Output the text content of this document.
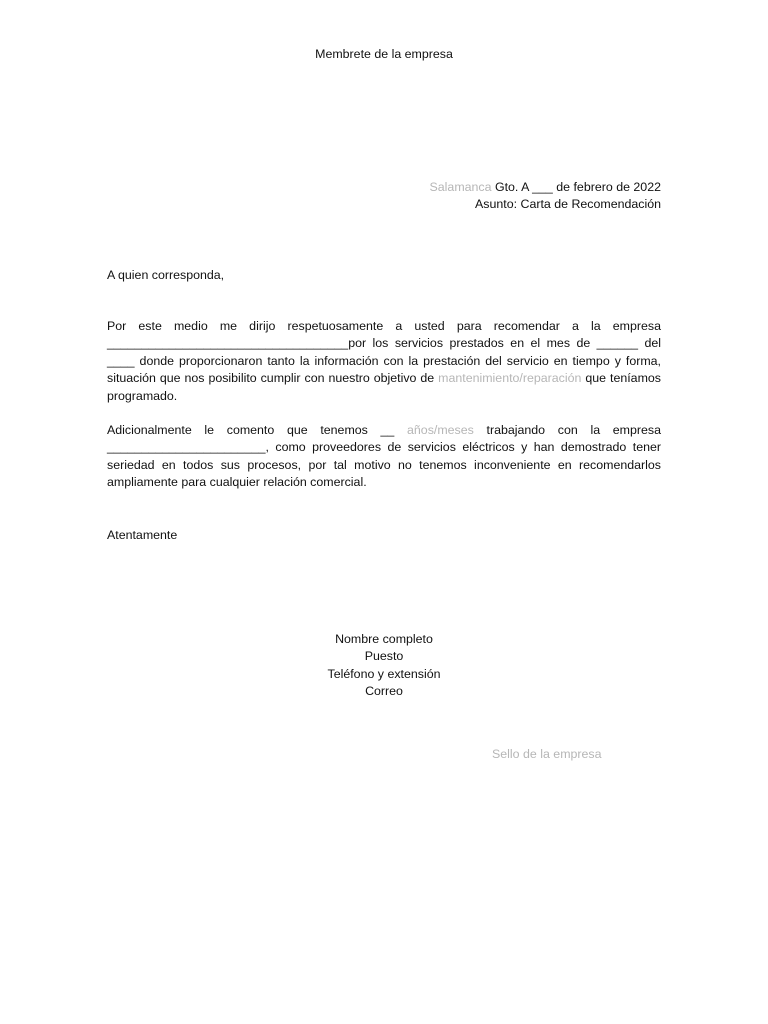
Membrete de la empresa
Salamanca Gto. A ___ de febrero de 2022
Asunto: Carta de Recomendación
A quien corresponda,

Por este medio me dirijo respetuosamente a usted para recomendar a la empresa ___________________________________por los servicios prestados en el mes de ______ del ____ donde proporcionaron tanto la información con la prestación del servicio en tiempo y forma, situación que nos posibilito cumplir con nuestro objetivo de mantenimiento/reparación que teníamos programado.

Adicionalmente le comento que tenemos __ años/meses trabajando con la empresa _______________________, como proveedores de servicios eléctricos y han demostrado tener seriedad en todos sus procesos, por tal motivo no tenemos inconveniente en recomendarlos ampliamente para cualquier relación comercial.

Atentamente
Nombre completo
Puesto
Teléfono y extensión
Correo
Sello de la empresa
